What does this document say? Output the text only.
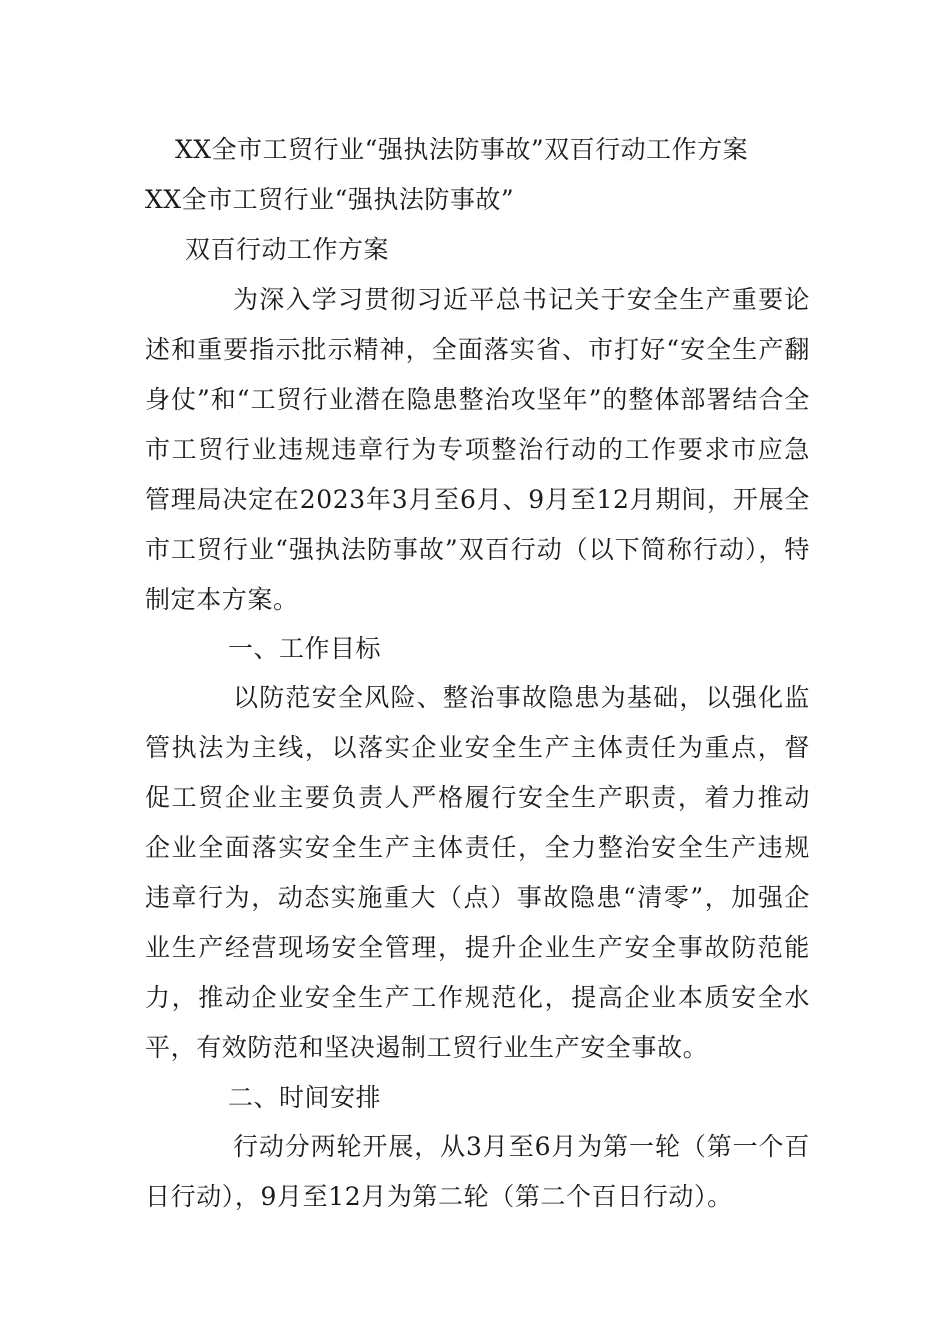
XX全市工贸行业“强执法防事故”双百行动工作方案
XX全市工贸行业“强执法防事故”
双百行动工作方案
为深入学习贯彻习近平总书记关于安全生产重要论述和重要指示批示精神，全面落实省、市打好“安全生产翻身仗”和“工贸行业潜在隐患整治攻坚年”的整体部署结合全市工贸行业违规违章行为专项整治行动的工作要求市应急管理局决定在2023年3月至6月、9月至12月期间，开展全市工贸行业“强执法防事故”双百行动（以下简称行动），特制定本方案。
一、工作目标
以防范安全风险、整治事故隐患为基础，以强化监管执法为主线，以落实企业安全生产主体责任为重点，督促工贸企业主要负责人严格履行安全生产职责，着力推动企业全面落实安全生产主体责任，全力整治安全生产违规违章行为，动态实施重大（点）事故隐患“清零”，加强企业生产经营现场安全管理，提升企业生产安全事故防范能力，推动企业安全生产工作规范化，提高企业本质安全水平，有效防范和坚决遏制工贸行业生产安全事故。
二、时间安排
行动分两轮开展，从3月至6月为第一轮（第一个百日行动），9月至12月为第二轮（第二个百日行动）。
